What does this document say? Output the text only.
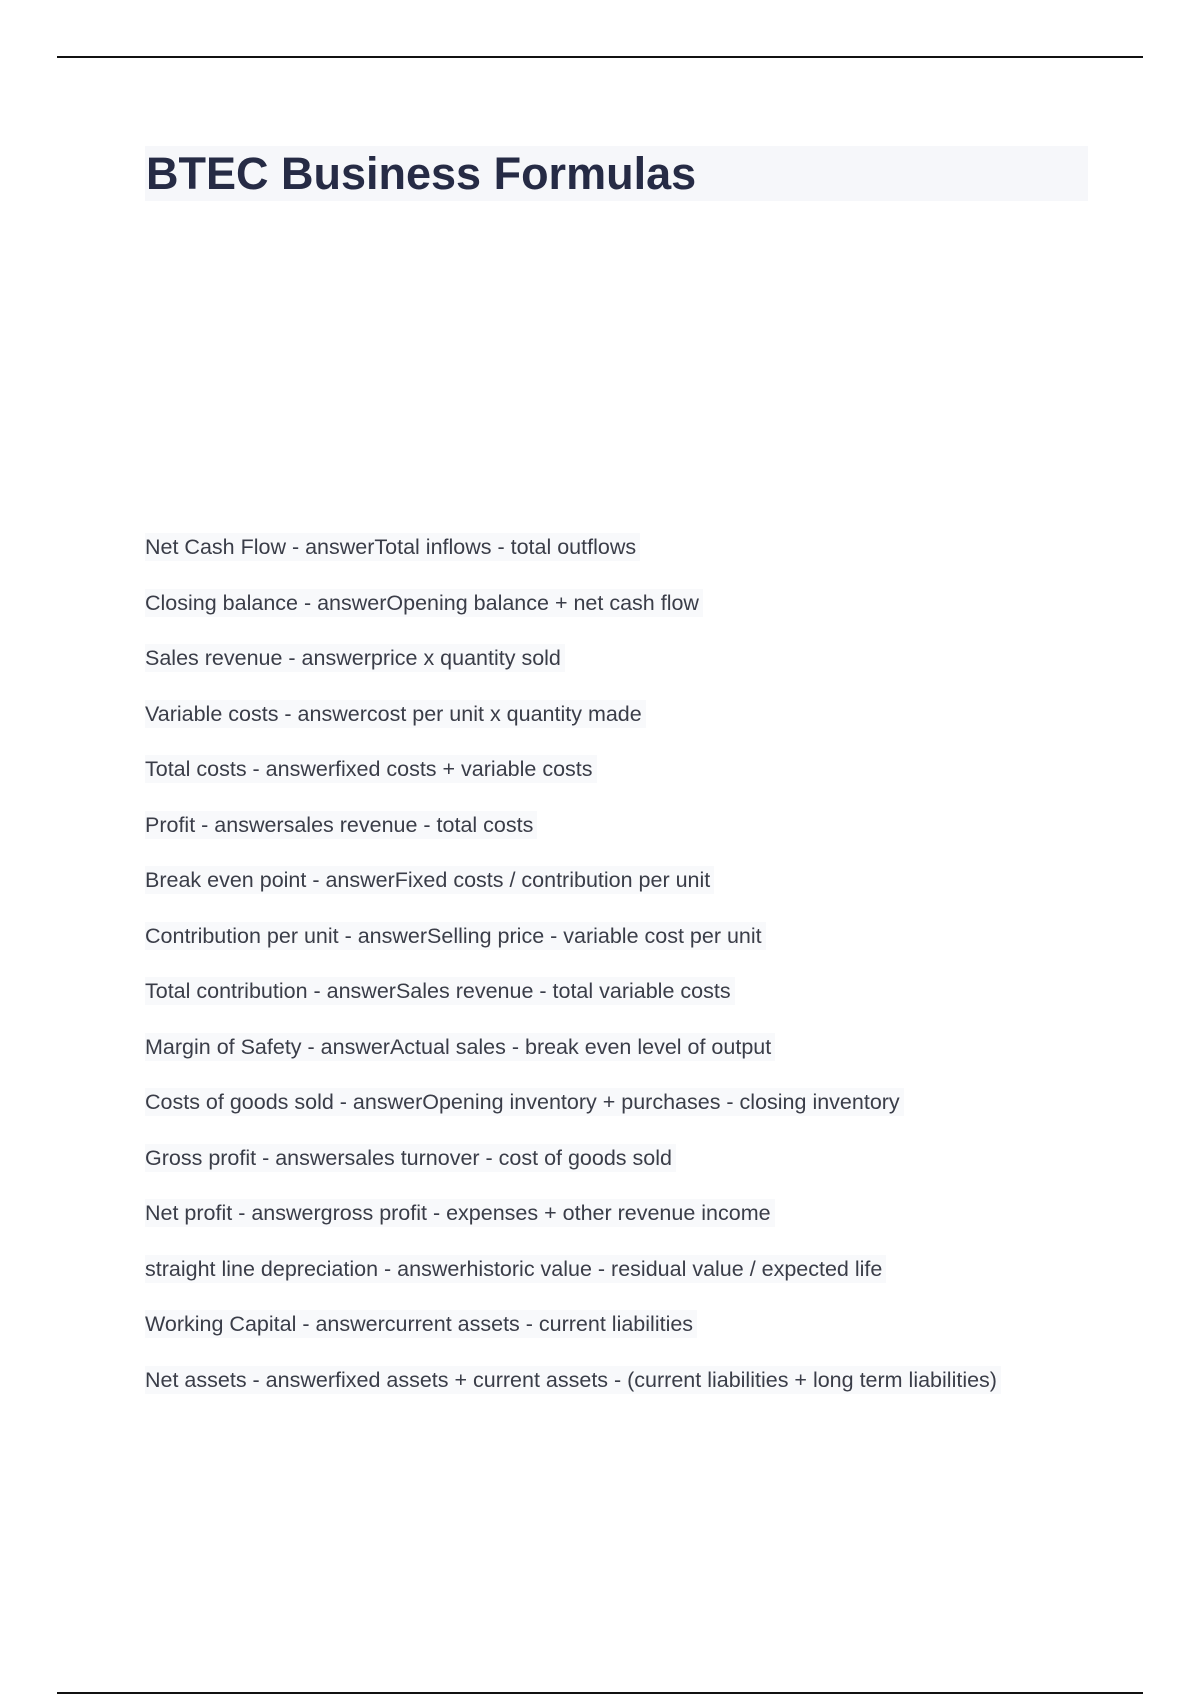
BTEC Business Formulas
Net Cash Flow - answerTotal inflows - total outflows
Closing balance - answerOpening balance + net cash flow
Sales revenue - answerprice x quantity sold
Variable costs - answercost per unit x quantity made
Total costs - answerfixed costs + variable costs
Profit - answersales revenue - total costs
Break even point - answerFixed costs / contribution per unit
Contribution per unit - answerSelling price - variable cost per unit
Total contribution - answerSales revenue - total variable costs
Margin of Safety - answerActual sales - break even level of output
Costs of goods sold - answerOpening inventory + purchases - closing inventory
Gross profit - answersales turnover - cost of goods sold
Net profit - answergross profit - expenses + other revenue income
straight line depreciation - answerhistoric value - residual value / expected life
Working Capital - answercurrent assets - current liabilities
Net assets - answerfixed assets + current assets - (current liabilities + long term liabilities)
